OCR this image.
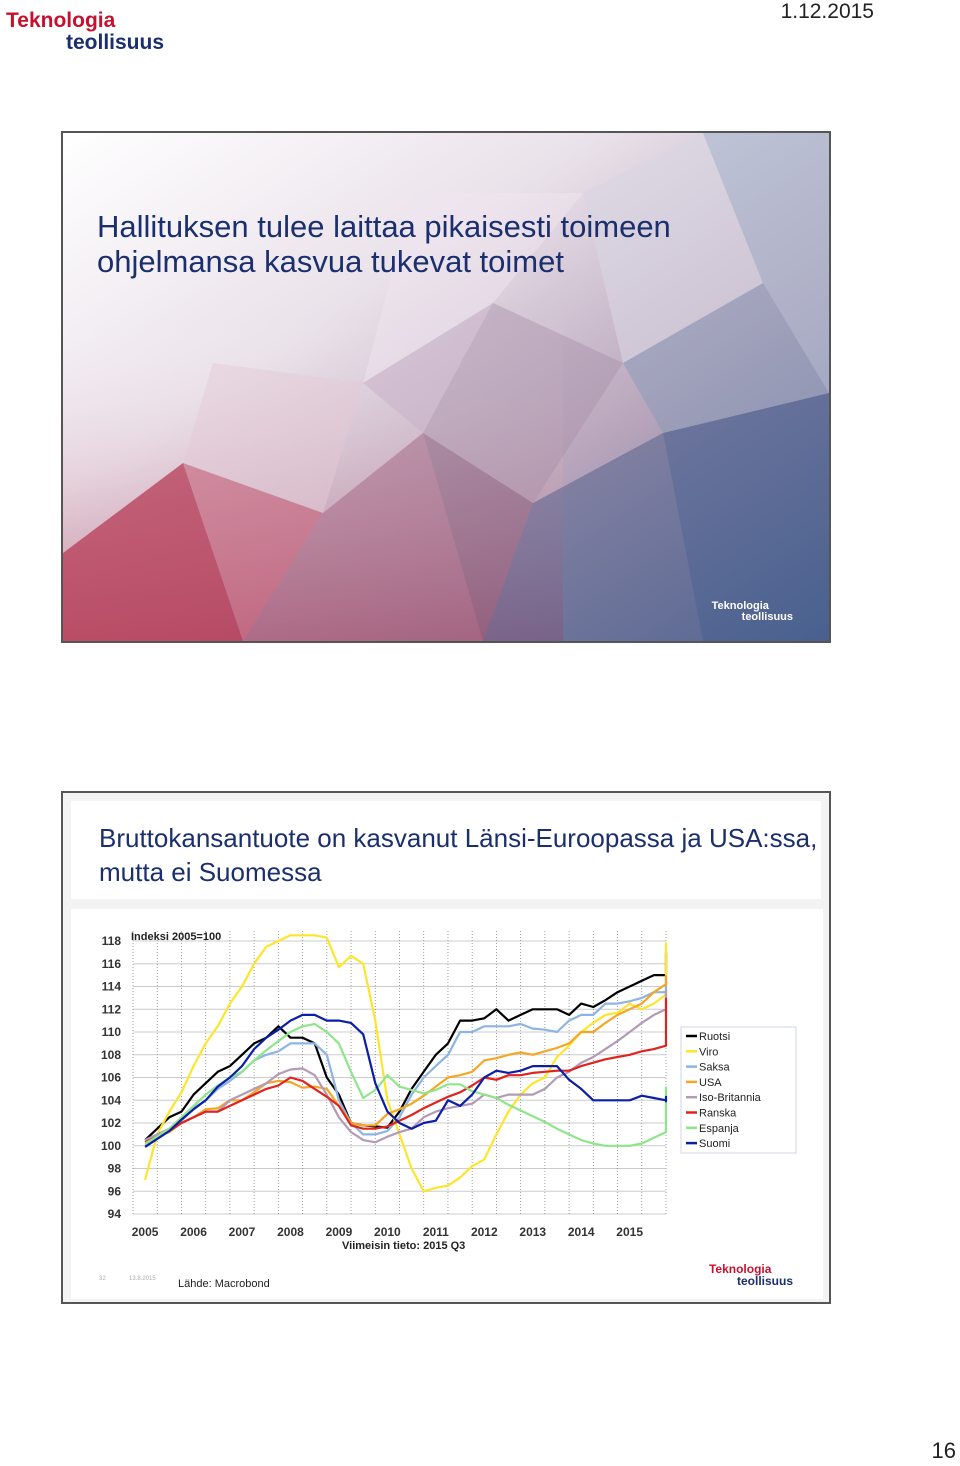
Teknologia
teollisuus
1.12.2015
Hallituksen tulee laittaa pikaisesti toimeen ohjelmansa kasvua tukevat toimet
Teknologia
teollisuus
Bruttokansantuote on kasvanut Länsi-Euroopassa ja USA:ssa, mutta ei Suomessa
94
96
98
100
102
104
106
108
110
112
114
116
118
2005 2006 2007 2008 2009 2010 2011 2012 2013 2014 2015
Indeksi 2005=100
Viimeisin tieto: 2015 Q3
Ruotsi
Viro
Saksa
USA
Iso-Britannia
Ranska
Espanja
Suomi
32	13.8.2015 Lähde: Macrobond
Teknologia
teollisuus
16
